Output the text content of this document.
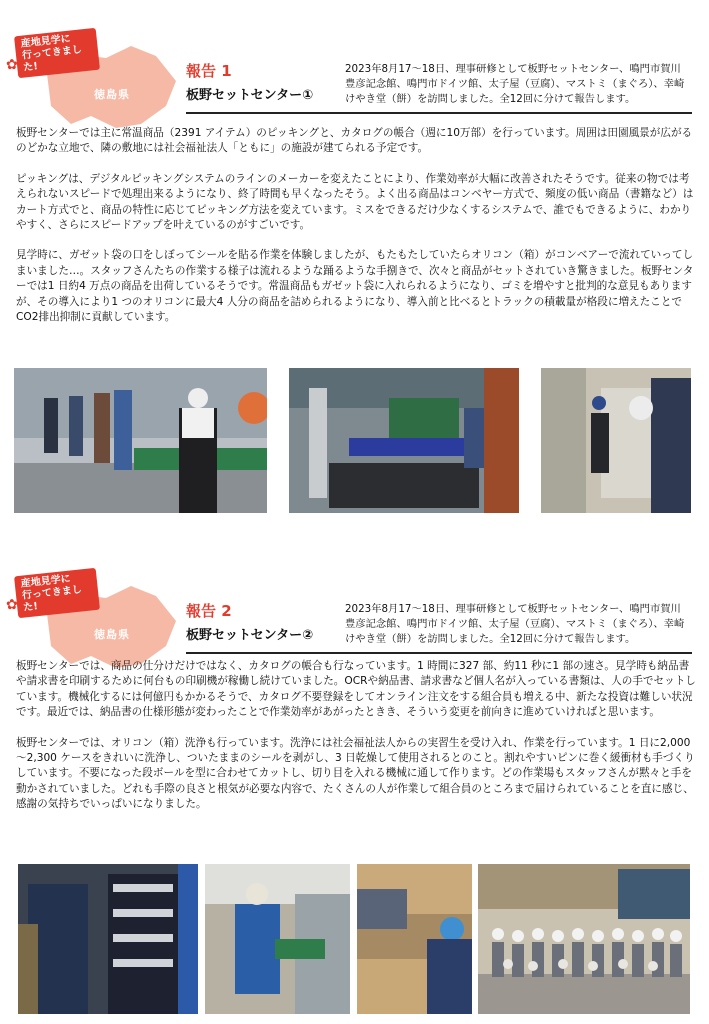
産地見学に
行ってきました!
✿
徳島県
報告 1
板野セットセンター①
2023年8月17～18日、理事研修として板野セットセンター、鳴門市賀川豊彦記念館、鳴門市ドイツ館、太子屋（豆腐）、マストミ（まぐろ）、幸崎けやき堂（餅）を訪問しました。全12回に分けて報告します。

板野センターでは主に常温商品（2391 アイテム）のピッキングと、カタログの帳合（週に10万部）を行っています。周囲は田園風景が広がるのどかな立地で、隣の敷地には社会福祉法人「ともに」の施設が建てられる予定です。

ピッキングは、デジタルピッキングシステムのラインのメーカーを変えたことにより、作業効率が大幅に改善されたそうです。従来の物では考えられないスピードで処理出来るようになり、終了時間も早くなったそう。よく出る商品はコンベヤー方式で、頻度の低い商品（書籍など）はカート方式でと、商品の特性に応じてピッキング方法を変えています。ミスをできるだけ少なくするシステムで、誰でもできるように、わかりやすく、さらにスピードアップを叶えているのがすごいです。

見学時に、ガゼット袋の口をしぼってシールを貼る作業を体験しましたが、もたもたしていたらオリコン（箱）がコンベアーで流れていってしまいました…。スタッフさんたちの作業する様子は流れるような踊るような手捌きで、次々と商品がセットされていき驚きました。板野センターでは1 日約4 万点の商品を出荷しているそうです。常温商品もガゼット袋に入れられるようになり、ゴミを増やすと批判的な意見もありますが、その導入により1 つのオリコンに最大4 人分の商品を詰められるようになり、導入前と比べるとトラックの積載量が格段に増えたことでCO2排出抑制に貢献しています。

産地見学に
行ってきました!
✿
徳島県
報告 2
板野セットセンター②
2023年8月17～18日、理事研修として板野セットセンター、鳴門市賀川豊彦記念館、鳴門市ドイツ館、太子屋（豆腐）、マストミ（まぐろ）、幸崎けやき堂（餅）を訪問しました。全12回に分けて報告します。

板野センターでは、商品の仕分けだけではなく、カタログの帳合も行なっています。1 時間に327 部、約11 秒に1 部の速さ。見学時も納品書や請求書を印刷するために何台もの印刷機が稼働し続けていました。OCRや納品書、請求書など個人名が入っている書類は、人の手でセットしています。機械化するには何億円もかかるそうで、カタログ不要登録をしてオンライン注文をする組合員も増える中、新たな投資は難しい状況です。最近では、納品書の仕様形態が変わったことで作業効率があがったときき、そういう変更を前向きに進めていければと思います。

板野センターでは、オリコン（箱）洗浄も行っています。洗浄には社会福祉法人からの実習生を受け入れ、作業を行っています。1 日に2,000～2,300 ケースをきれいに洗浄し、ついたままのシールを剥がし、3 日乾燥して使用されるとのこと。割れやすいピンに巻く緩衝材も手づくりしています。不要になった段ボールを型に合わせてカットし、切り目を入れる機械に通して作ります。どの作業場もスタッフさんが黙々と手を動かされていました。どれも手際の良さと根気が必要な内容で、たくさんの人が作業して組合員のところまで届けられていることを直に感じ、感謝の気持ちでいっぱいになりました。
